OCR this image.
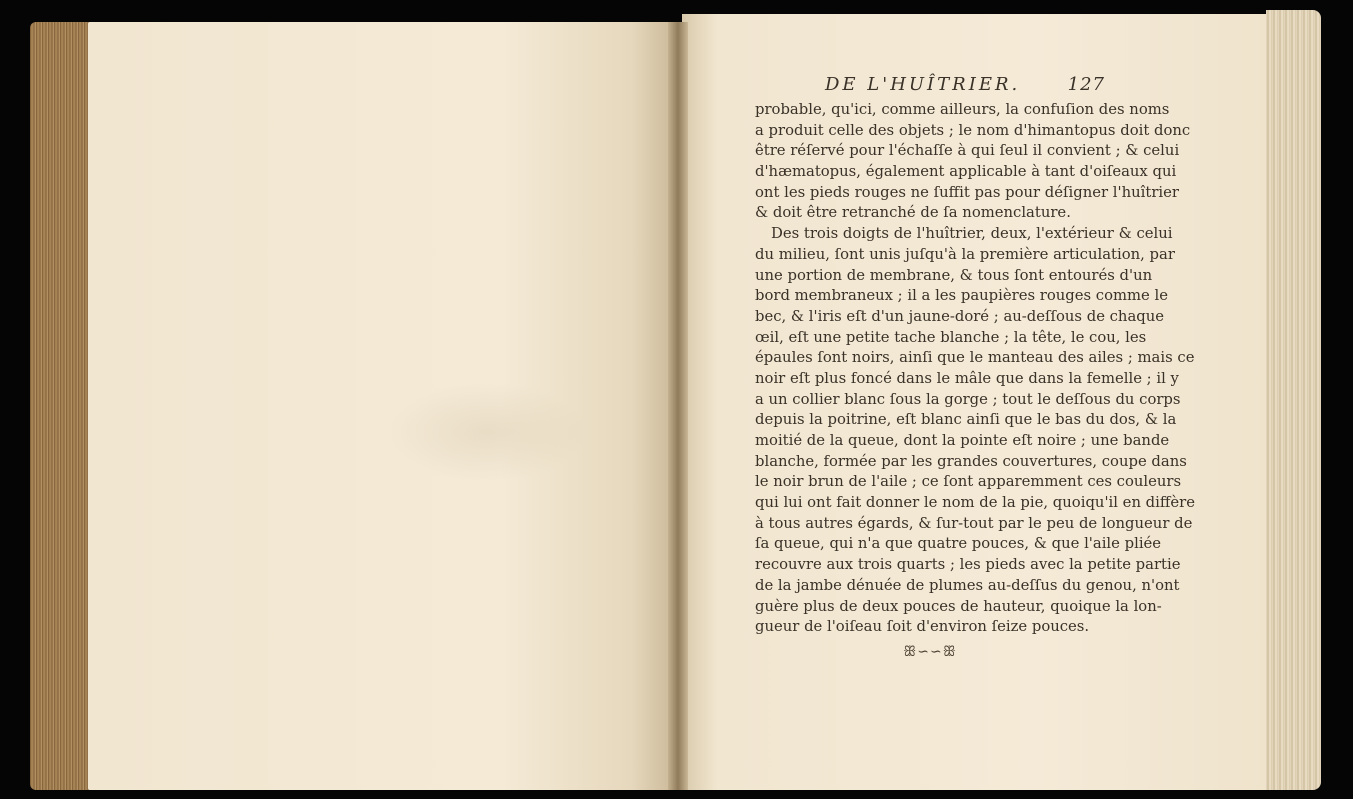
DE L'HUÎTRIER.	127
probable, qu'ici, comme ailleurs, la confuſion des noms
a produit celle des objets ; le nom d'himantopus doit donc
être réſervé pour l'échaſſe à qui ſeul il convient ; & celui
d'hæmatopus, également applicable à tant d'oiſeaux qui
ont les pieds rouges ne ſuffit pas pour déſigner l'huîtrier
& doit être retranché de ſa nomenclature.
Des trois doigts de l'huîtrier, deux, l'extérieur & celui
du milieu, ſont unis juſqu'à la première articulation, par
une portion de membrane, & tous ſont entourés d'un
bord membraneux ; il a les paupières rouges comme le
bec, & l'iris eſt d'un jaune-doré ; au-deſſous de chaque
œil, eſt une petite tache blanche ; la tête, le cou, les
épaules ſont noirs, ainſi que le manteau des ailes ; mais ce
noir eſt plus foncé dans le mâle que dans la femelle ; il y
a un collier blanc ſous la gorge ; tout le deſſous du corps
depuis la poitrine, eſt blanc ainſi que le bas du dos, & la
moitié de la queue, dont la pointe eſt noire ; une bande
blanche, formée par les grandes couvertures, coupe dans
le noir brun de l'aile ; ce ſont apparemment ces couleurs
qui lui ont fait donner le nom de la pie, quoiqu'il en diffère
à tous autres égards, & ſur-tout par le peu de longueur de
ſa queue, qui n'a que quatre pouces, & que l'aile pliée
recouvre aux trois quarts ; les pieds avec la petite partie
de la jambe dénuée de plumes au-deſſus du genou, n'ont
guère plus de deux pouces de hauteur, quoique la lon-
gueur de l'oiſeau ſoit d'environ ſeize pouces.
ꕥ∽∽ꕥ
